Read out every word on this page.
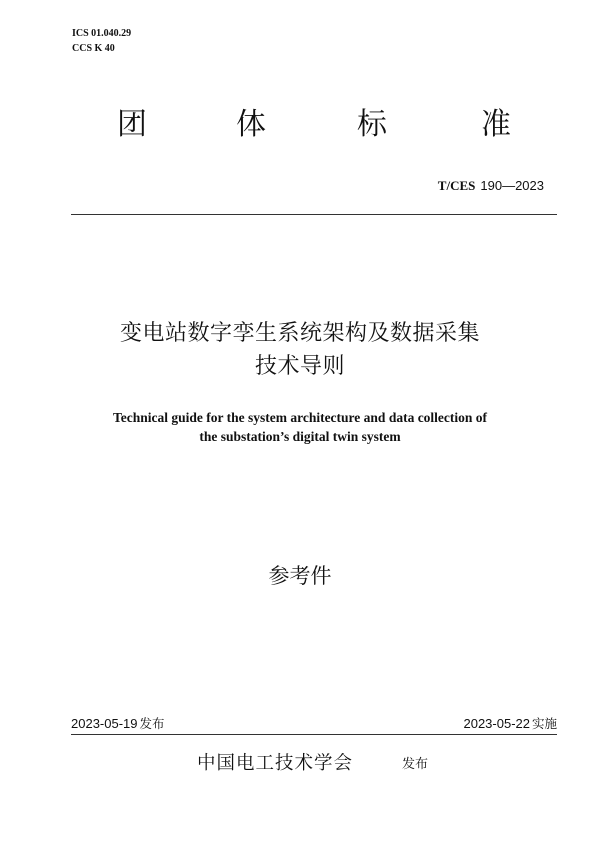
ICS 01.040.29
CCS K 40
团	体	标	准
T/CES 190—2023
变电站数字孪生系统架构及数据采集
技术导则
Technical guide for the system architecture and data collection of
the substation’s digital twin system
参考件
2023-05-19 发布	2023-05-22 实施
中国电工技术学会	发布
